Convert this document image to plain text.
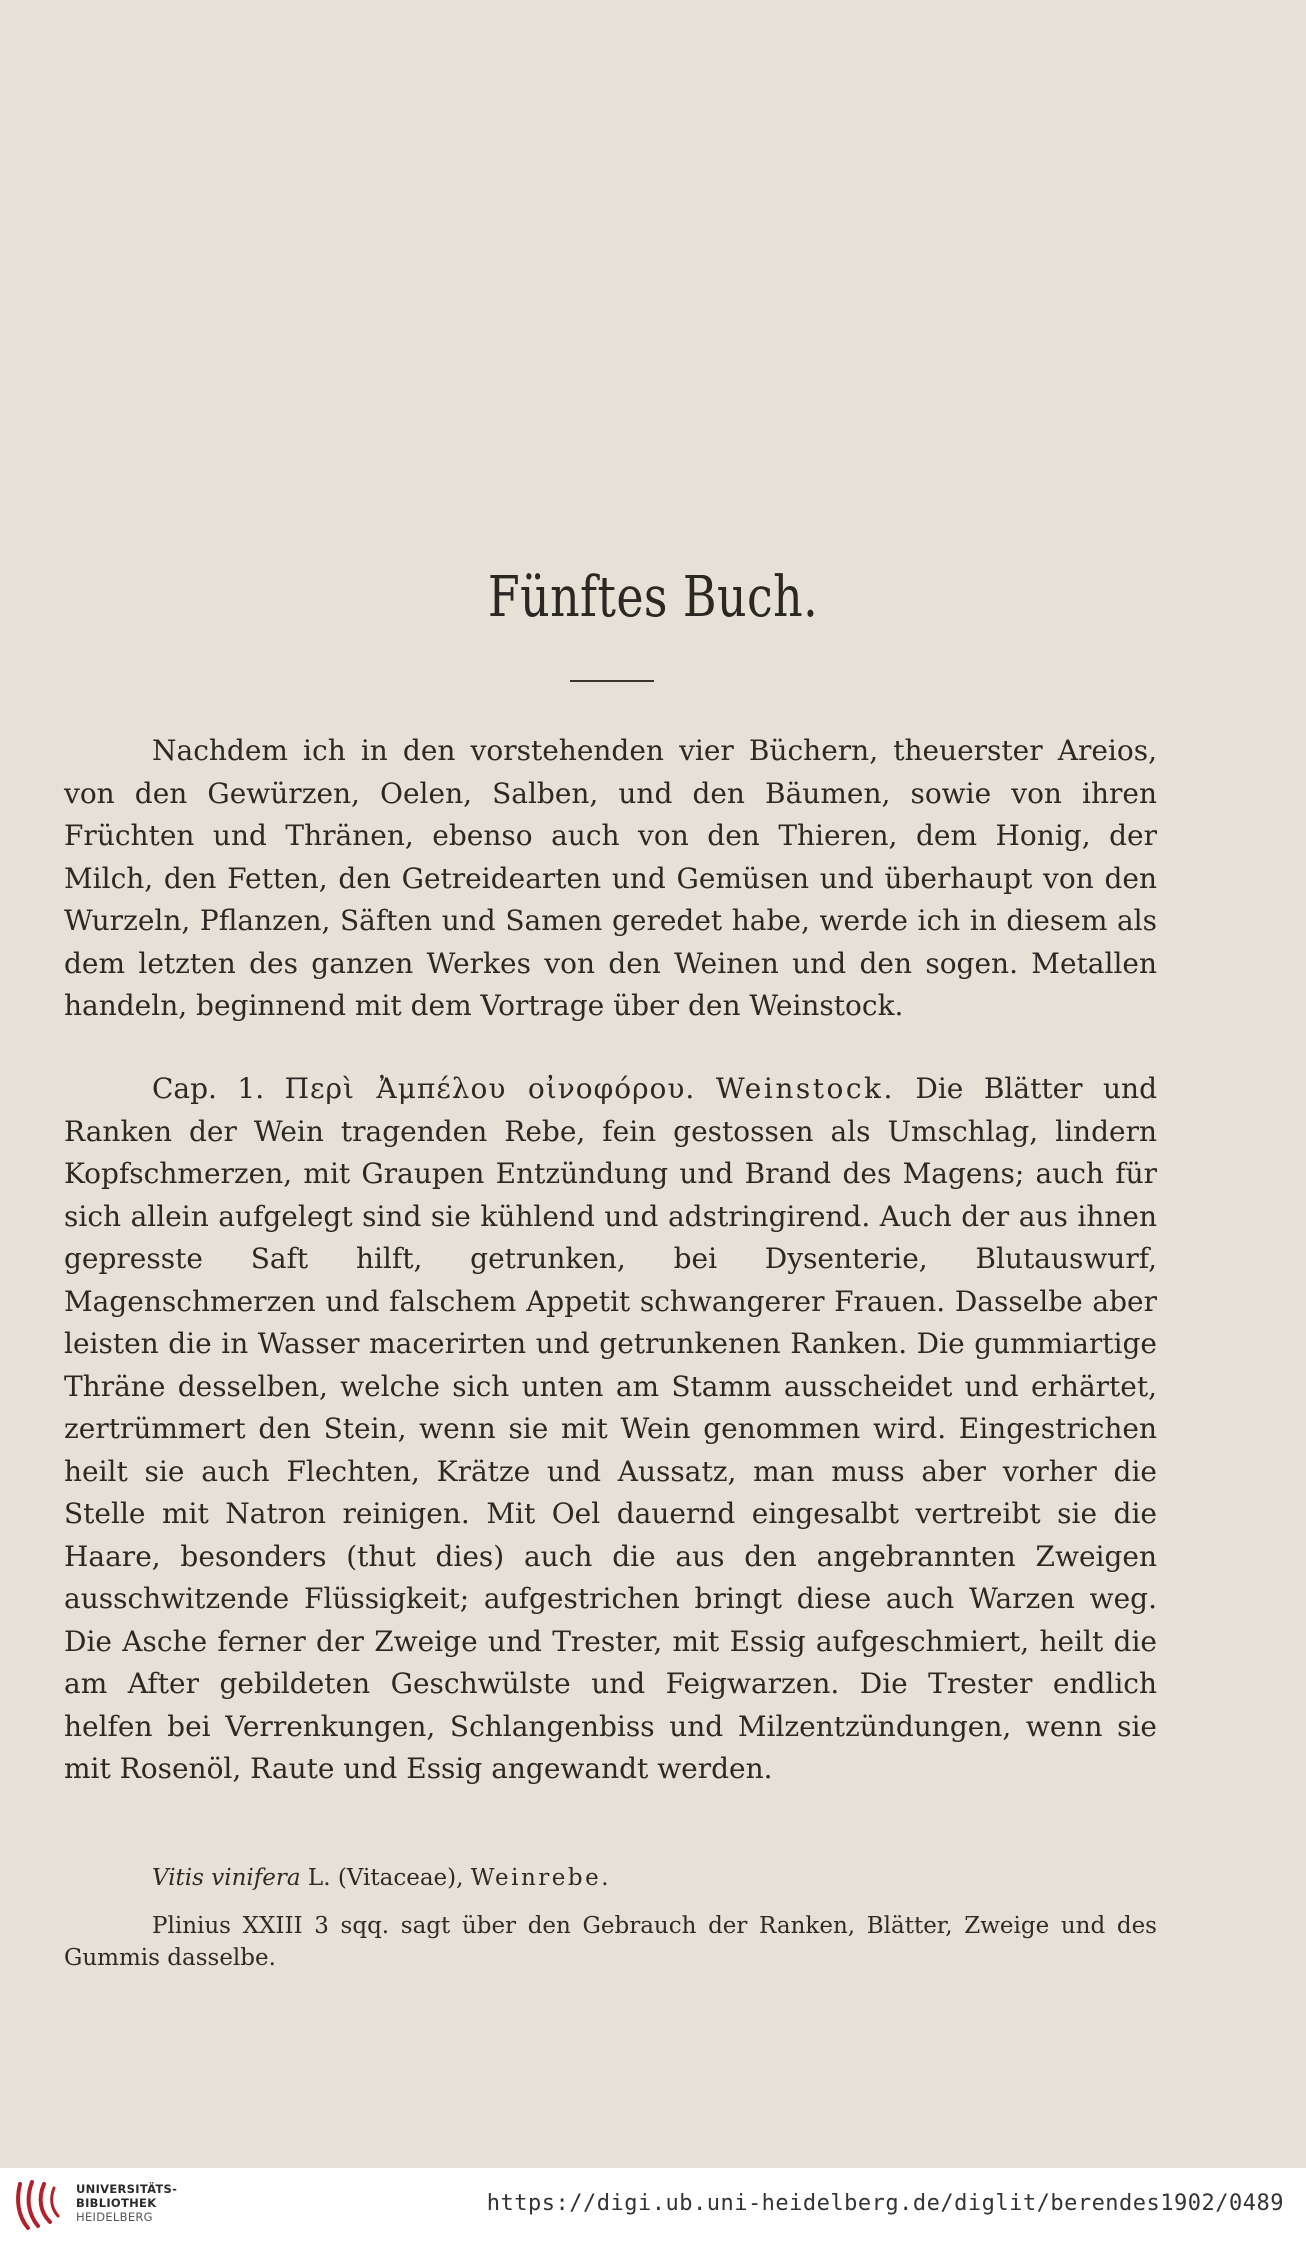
Fünftes Buch.

Nachdem ich in den vorstehenden vier Büchern, theuerster Areios, von den Gewürzen, Oelen, Salben, und den Bäumen, sowie von ihren Früchten und Thränen, ebenso auch von den Thieren, dem Honig, der Milch, den Fetten, den Getreidearten und Gemüsen und überhaupt von den Wurzeln, Pflanzen, Säften und Samen geredet habe, werde ich in diesem als dem letzten des ganzen Werkes von den Weinen und den sogen. Metallen handeln, beginnend mit dem Vortrage über den Weinstock.

Cap. 1. Περὶ Ἀμπέλου οἰνοφόρου. Weinstock. Die Blätter und Ranken der Wein tragenden Rebe, fein gestossen als Umschlag, lindern Kopfschmerzen, mit Graupen Entzündung und Brand des Magens; auch für sich allein aufgelegt sind sie kühlend und adstringirend. Auch der aus ihnen gepresste Saft hilft, getrunken, bei Dysenterie, Blutauswurf, Magenschmerzen und falschem Appetit schwangerer Frauen. Dasselbe aber leisten die in Wasser macerirten und getrunkenen Ranken. Die gummiartige Thräne desselben, welche sich unten am Stamm ausscheidet und erhärtet, zertrümmert den Stein, wenn sie mit Wein genommen wird. Eingestrichen heilt sie auch Flechten, Krätze und Aussatz, man muss aber vorher die Stelle mit Natron reinigen. Mit Oel dauernd eingesalbt vertreibt sie die Haare, besonders (thut dies) auch die aus den angebrannten Zweigen ausschwitzende Flüssigkeit; aufgestrichen bringt diese auch Warzen weg. Die Asche ferner der Zweige und Trester, mit Essig aufgeschmiert, heilt die am After gebildeten Geschwülste und Feigwarzen. Die Trester endlich helfen bei Verrenkungen, Schlangenbiss und Milzentzündungen, wenn sie mit Rosenöl, Raute und Essig angewandt werden.

Vitis vinifera L. (Vitaceae), Weinrebe.

Plinius XXIII 3 sqq. sagt über den Gebrauch der Ranken, Blätter, Zweige und des Gummis dasselbe.

UNIVERSITÄTS-
BIBLIOTHEK
HEIDELBERG
https://digi.ub.uni-heidelberg.de/diglit/berendes1902/0489
